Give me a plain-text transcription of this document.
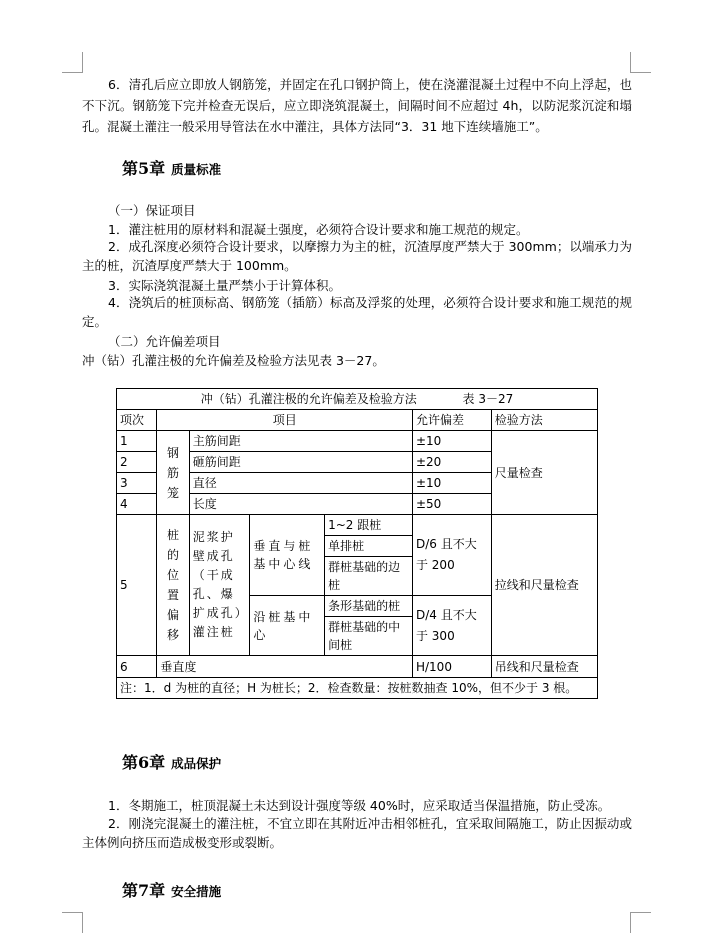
6．清孔后应立即放人钢筋笼，并固定在孔口钢护筒上，使在浇灌混凝土过程中不向上浮起，也不下沉。钢筋笼下完并检查无误后，应立即浇筑混凝土，间隔时间不应超过 4h，以防泥浆沉淀和塌孔。混凝土灌注一般采用导管法在水中灌注，具体方法同“3．31 地下连续墙施工”。
第5章 质量标准
（一）保证项目
1．灌注桩用的原材料和混凝土强度，必须符合设计要求和施工规范的规定。
2．成孔深度必须符合设计要求，以摩擦力为主的桩，沉渣厚度严禁大于 300mm；以端承力为主的桩，沉渣厚度严禁大于 100mm。
3．实际浇筑混凝土量严禁小于计算体积。
4．浇筑后的桩顶标高、钢筋笼（插筋）标高及浮浆的处理，必须符合设计要求和施工规范的规定。
（二）允许偏差项目
冲（钻）孔灌注极的允许偏差及检验方法见表 3－27。
冲（钻）孔灌注极的允许偏差及检验方法 表 3－27						
项次	项目				允许偏差	检验方法
1	钢筋笼	主筋间距			±10	尺量检查
2		砸筋间距			±20	
3		直径			±10	
4		长度			±50	
5	桩的位置偏移	泥浆护壁成孔（干成孔、爆扩成孔）灌注桩	垂直与桩基中心线	1~2 跟桩	D/6 且不大于 200	拉线和尺量检查
				单排桩		
				群桩基础的边桩		
			沿桩基中心	条形基础的桩	D/4 且不大于 300	
				群桩基础的中间桩		

6	垂直度				H/100	吊线和尺量检查
注：1．d 为桩的直径；H 为桩长；2．检查数量：按桩数抽查 10%，但不少于 3 根。						
第6章 成品保护
1．冬期施工，桩顶混凝土未达到设计强度等级 40%时，应采取适当保温措施，防止受冻。
2．刚浇完混凝土的灌注桩，不宜立即在其附近冲击相邻桩孔，宜采取间隔施工，防止因振动或主体例向挤压而造成极变形或裂断。
第7章 安全措施
